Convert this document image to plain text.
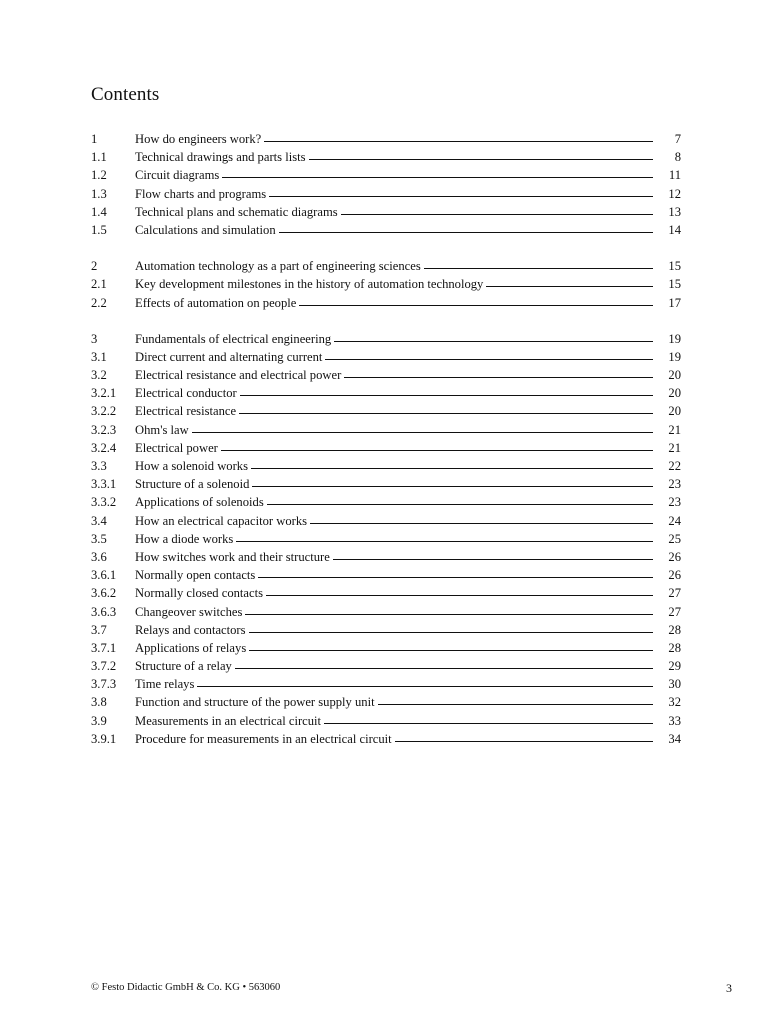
Contents
1	How do engineers work?	7
1.1	Technical drawings and parts lists	8
1.2	Circuit diagrams	11
1.3	Flow charts and programs	12
1.4	Technical plans and schematic diagrams	13
1.5	Calculations and simulation	14
2	Automation technology as a part of engineering sciences	15
2.1	Key development milestones in the history of automation technology	15
2.2	Effects of automation on people	17
3	Fundamentals of electrical engineering	19
3.1	Direct current and alternating current	19
3.2	Electrical resistance and electrical power	20
3.2.1	Electrical conductor	20
3.2.2	Electrical resistance	20
3.2.3	Ohm's law	21
3.2.4	Electrical power	21
3.3	How a solenoid works	22
3.3.1	Structure of a solenoid	23
3.3.2	Applications of solenoids	23
3.4	How an electrical capacitor works	24
3.5	How a diode works	25
3.6	How switches work and their structure	26
3.6.1	Normally open contacts	26
3.6.2	Normally closed contacts	27
3.6.3	Changeover switches	27
3.7	Relays and contactors	28
3.7.1	Applications of relays	28
3.7.2	Structure of a relay	29
3.7.3	Time relays	30
3.8	Function and structure of the power supply unit	32
3.9	Measurements in an electrical circuit	33
3.9.1	Procedure for measurements in an electrical circuit	34
© Festo Didactic GmbH & Co. KG • 563060	3
